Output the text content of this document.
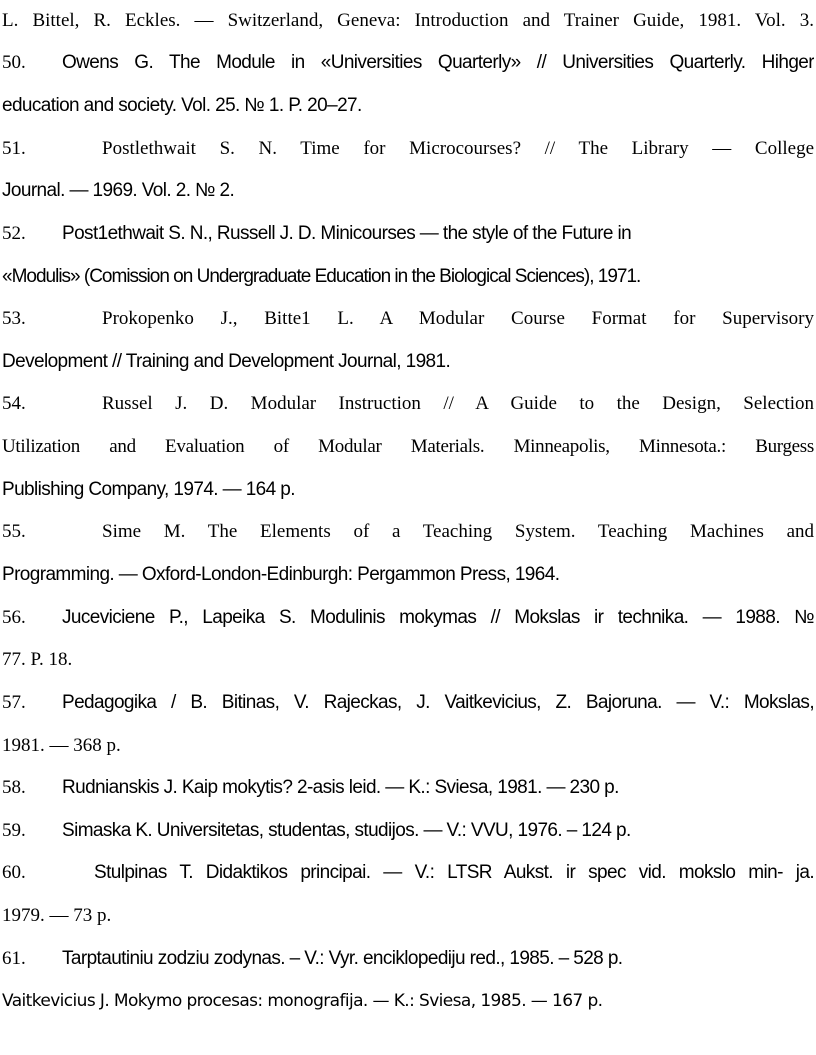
L. Bittel, R. Eckles. — Switzerland, Geneva: Introduction and Trainer Guide, 1981. Vol. 3.
50. Owens G. The Module in «Universities Quarterly» // Universities Quarterly. Hihger
education and society. Vol. 25. № 1. P. 20–27.
51.	Postlethwait S. N. Time for Microcourses? // The Library — College
Journal. — 1969. Vol. 2. № 2.
52. Post1ethwait S. N., Russell J. D. Minicourses — the style of the Future in
«Modulis» (Comission on Undergraduate Education in the Biological Sciences), 1971.
53.	Prokopenko J., Bitte1 L. A Modular Course Format for Supervisory
Development // Training and Development Journal, 1981.
54.	Russel J. D. Modular Instruction // A Guide to the Design, Selection
Utilization and Evaluation of Modular Materials. Minneapolis, Minnesota.: Burgess
Publishing Company, 1974. — 164 p.
55.	Sime M. The Elements of a Teaching System. Teaching Machines and
Programming. — Oxford-London-Edinburgh: Pergammon Press, 1964.
56. Juceviciene P., Lapeika S. Modulinis mokymas // Mokslas ir technika. — 1988. №
77. P. 18.
57. Pedagogika / B. Bitinas, V. Rajeckas, J. Vaitkevicius, Z. Bajoruna. — V.: Mokslas,
1981. — 368 p.
58. Rudnianskis J. Kaip mokytis? 2-asis leid. — K.: Sviesa, 1981. — 230 p.
59. Simaska K. Universitetas, studentas, studijos. — V.: VVU, 1976. – 124 p.
60.	Stulpinas T. Didaktikos principai. — V.: LTSR Aukst. ir spec vid. mokslo min- ja.
1979. — 73 p.
61. Tarptautiniu zodziu zodynas. – V.: Vyr. enciklopediju red., 1985. – 528 p.
Vaitkevicius J. Mokymo procesas: monografija. — K.: Sviesa, 1985. — 167 p.
